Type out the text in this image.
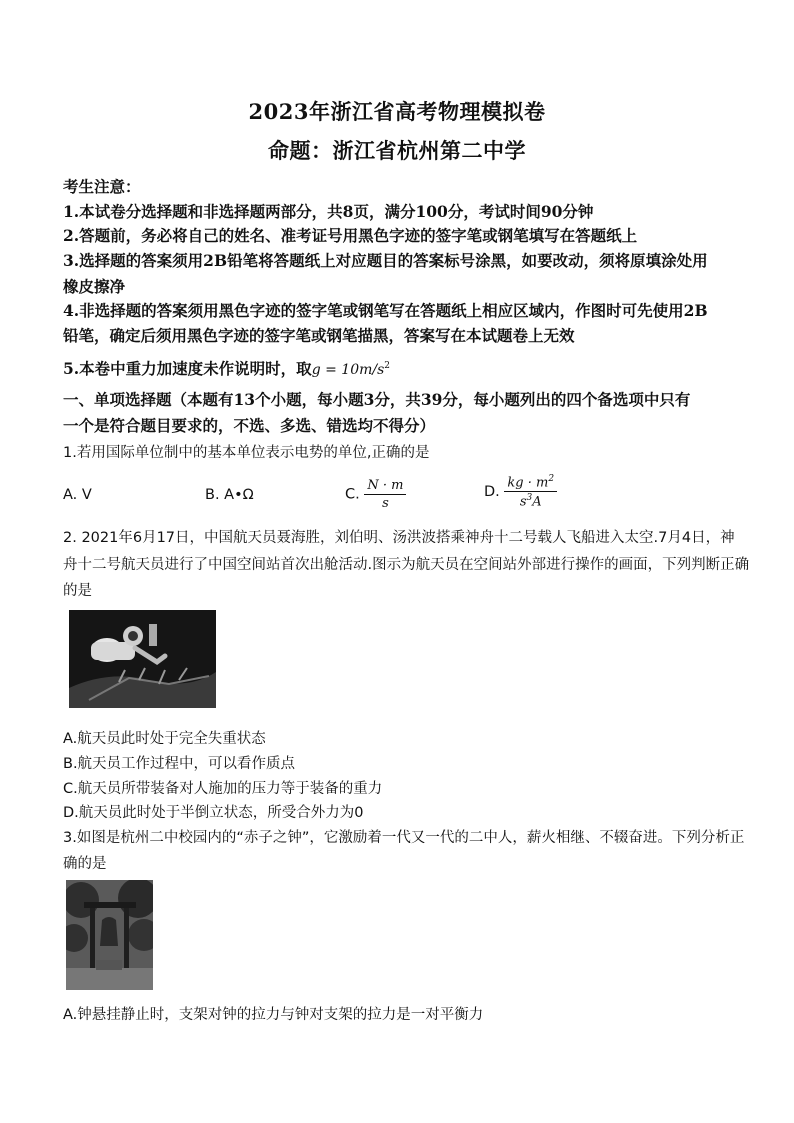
2023年浙江省高考物理模拟卷
命题：浙江省杭州第二中学
考生注意：
1.本试卷分选择题和非选择题两部分，共8页，满分100分，考试时间90分钟
2.答题前，务必将自己的姓名、准考证号用黑色字迹的签字笔或钢笔填写在答题纸上
3.选择题的答案须用2B铅笔将答题纸上对应题目的答案标号涂黑，如要改动，须将原填涂处用
橡皮擦净
4.非选择题的答案须用黑色字迹的签字笔或钢笔写在答题纸上相应区域内，作图时可先使用2B
铅笔，确定后须用黑色字迹的签字笔或钢笔描黑，答案写在本试题卷上无效
5.本卷中重力加速度未作说明时，取$g = 10m/s^2$
一、单项选择题（本题有13个小题，每小题3分，共39分，每小题列出的四个备选项中只有
一个是符合题目要求的，不选、多选、错选均不得分）
1.若用国际单位制中的基本单位表示电势的单位,正确的是
A. V	B. A•Ω	C. $\frac{N \cdot m}{s}$	D. $\frac{kg \cdot m^2}{s^3A}$
2. 2021年6月17日，中国航天员聂海胜，刘伯明、汤洪波搭乘神舟十二号载人飞船进入太空.7月4日，神
舟十二号航天员进行了中国空间站首次出舱活动.图示为航天员在空间站外部进行操作的画面，下列判断正确
的是
A.航天员此时处于完全失重状态
B.航天员工作过程中，可以看作质点
C.航天员所带装备对人施加的压力等于装备的重力
D.航天员此时处于半倒立状态，所受合外力为0
3.如图是杭州二中校园内的“赤子之钟”，它激励着一代又一代的二中人，薪火相继、不辍奋进。下列分析正
确的是
A.钟悬挂静止时，支架对钟的拉力与钟对支架的拉力是一对平衡力
